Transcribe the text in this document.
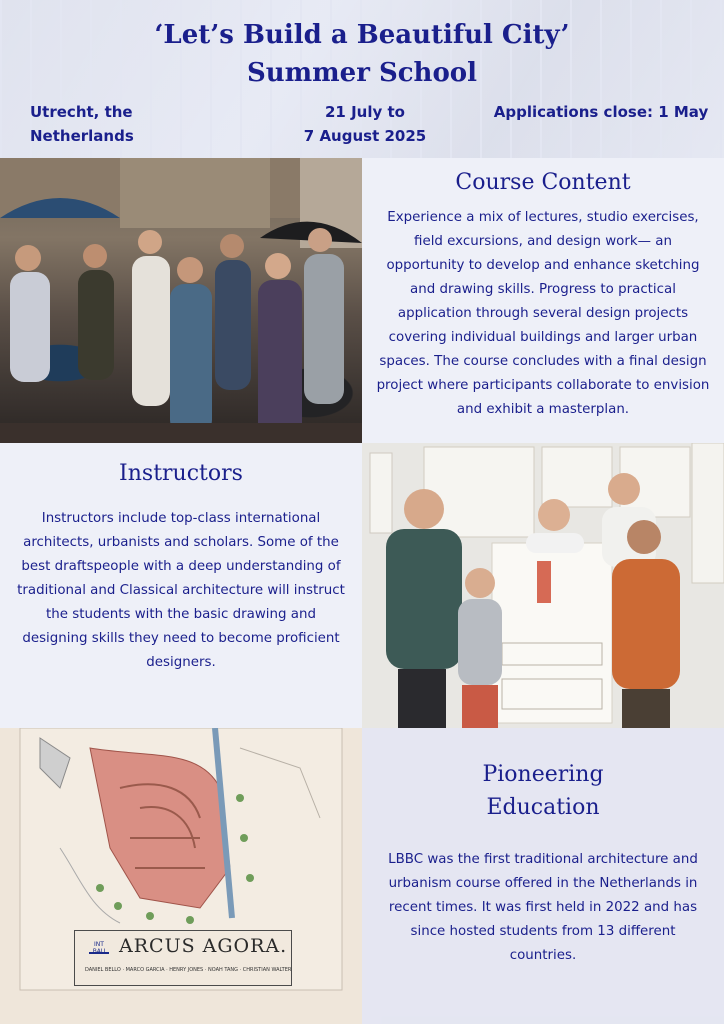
‘Let’s Build a Beautiful City’
Summer School

Utrecht, the
Netherlands

21 July to
7 August 2025

Applications close: 1 May

Course Content

Experience a mix of lectures, studio exercises, field excursions, and design work— an opportunity to develop and enhance sketching and drawing skills. Progress to practical application through several design projects covering individual buildings and larger urban spaces. The course concludes with a final design project where participants collaborate to envision and exhibit a masterplan.

Instructors

Instructors include top-class international architects, urbanists and scholars. Some of the best draftspeople with a deep understanding of traditional and Classical architecture will instruct the students with the basic drawing and designing skills they need to become proficient designers.

INT BAU ARCUS AGORA.

DANIEL BELLO · MARCO GARCIA · HENRY JONES · NOAH TANG · CHRISTIAN WALTER

Pioneering
Education

LBBC was the first traditional architecture and urbanism course offered in the Netherlands in recent times. It was first held in 2022 and has since hosted students from 13 different countries.
